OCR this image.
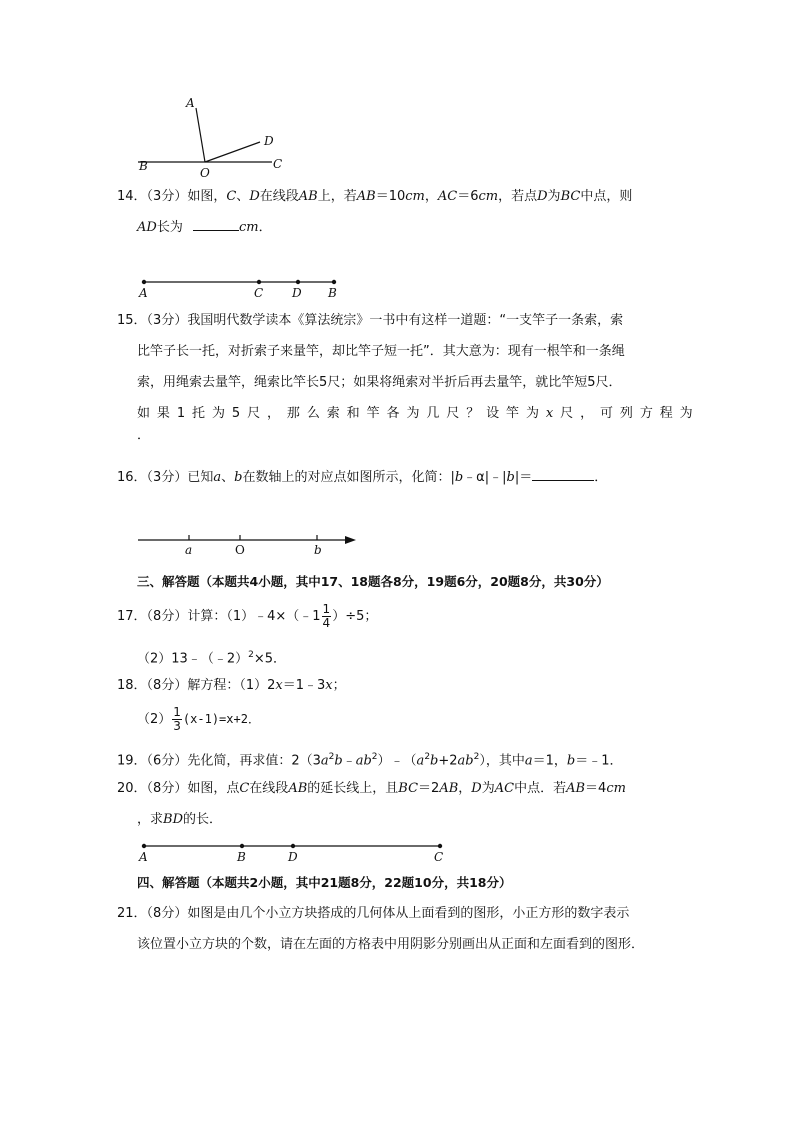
A
B	O
D
C
14．（3分）如图，C、D在线段AB上，若AB＝10cm，AC＝6cm，若点D为BC中点，则
AD长为	cm．
A	C D B
15．（3分）我国明代数学读本《算法统宗》一书中有这样一道题：“一支竿子一条索，索
比竿子长一托，对折索子来量竿，却比竿子短一托”．其大意为：现有一根竿和一条绳
索，用绳索去量竿，绳索比竿长5尺；如果将绳索对半折后再去量竿，就比竿短5尺．
如 果 1 托 为 5 尺 ， 那 么 索 和 竿 各 为 几 尺 ？ 设 竿 为 x 尺 ， 可 列 方 程 为
．
16．（3分）已知a、b在数轴上的对应点如图所示，化简：|b﹣α|﹣|b|＝	．
a	O	b
三、解答题（本题共4小题，其中17、18题各8分，19题6分，20题8分，共30分）
17．（8分）计算：（1）﹣4×（﹣1 $\frac{1}{4} )\div 5$；
（2）13﹣（﹣2）$^2$×5．
18．（8分）解方程：（1）2x＝1﹣3x；
$(2) \frac{1}{3} (x-1)=x+2$．
19．（6分）先化简，再求值：$2(3a^2b﹣ab^2)﹣(a^2b+2ab^2)$，其中a＝1，b＝﹣1．
20．（8分）如图，点C在线段AB的延长线上，且BC＝2AB，D为AC中点．若AB＝4cm
，求BD的长．
A	B	D	C
四、解答题（本题共2小题，其中21题8分，22题10分，共18分）
21．（8分）如图是由几个小立方块搭成的几何体从上面看到的图形，小正方形的数字表示
该位置小立方块的个数，请在左面的方格表中用阴影分别画出从正面和左面看到的图形．
